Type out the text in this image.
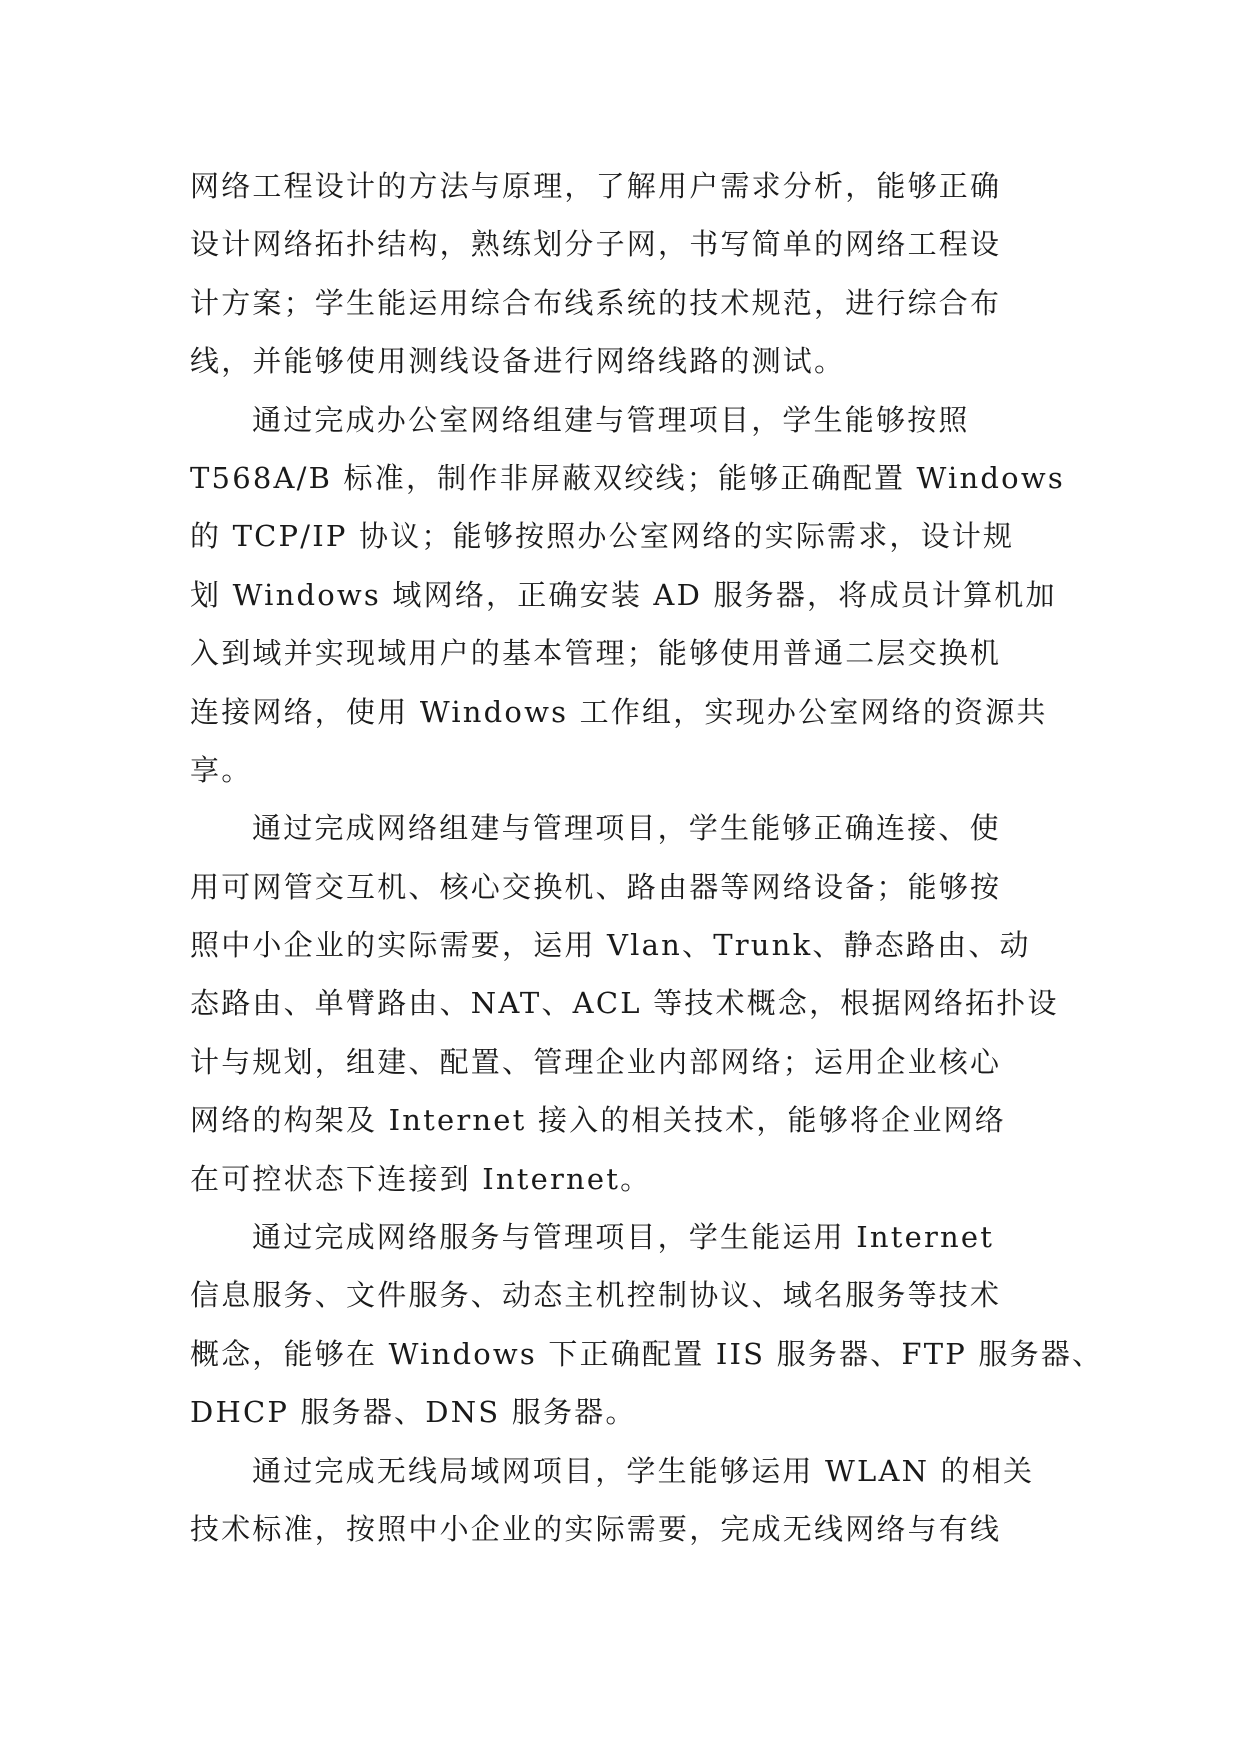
网络工程设计的方法与原理，了解用户需求分析，能够正确
设计网络拓扑结构，熟练划分子网，书写简单的网络工程设
计方案；学生能运用综合布线系统的技术规范，进行综合布
线，并能够使用测线设备进行网络线路的测试。
通过完成办公室网络组建与管理项目，学生能够按照
T568A/B 标准，制作非屏蔽双绞线；能够正确配置 Windows
的 TCP/IP 协议；能够按照办公室网络的实际需求，设计规
划 Windows 域网络，正确安装 AD 服务器，将成员计算机加
入到域并实现域用户的基本管理；能够使用普通二层交换机
连接网络，使用 Windows 工作组，实现办公室网络的资源共
享。
通过完成网络组建与管理项目，学生能够正确连接、使
用可网管交互机、核心交换机、路由器等网络设备；能够按
照中小企业的实际需要，运用 Vlan、Trunk、静态路由、动
态路由、单臂路由、NAT、ACL 等技术概念，根据网络拓扑设
计与规划，组建、配置、管理企业内部网络；运用企业核心
网络的构架及 Internet 接入的相关技术，能够将企业网络
在可控状态下连接到 Internet。
通过完成网络服务与管理项目，学生能运用 Internet
信息服务、文件服务、动态主机控制协议、域名服务等技术
概念，能够在 Windows 下正确配置 IIS 服务器、FTP 服务器、
DHCP 服务器、DNS 服务器。
通过完成无线局域网项目，学生能够运用 WLAN 的相关
技术标准，按照中小企业的实际需要，完成无线网络与有线
